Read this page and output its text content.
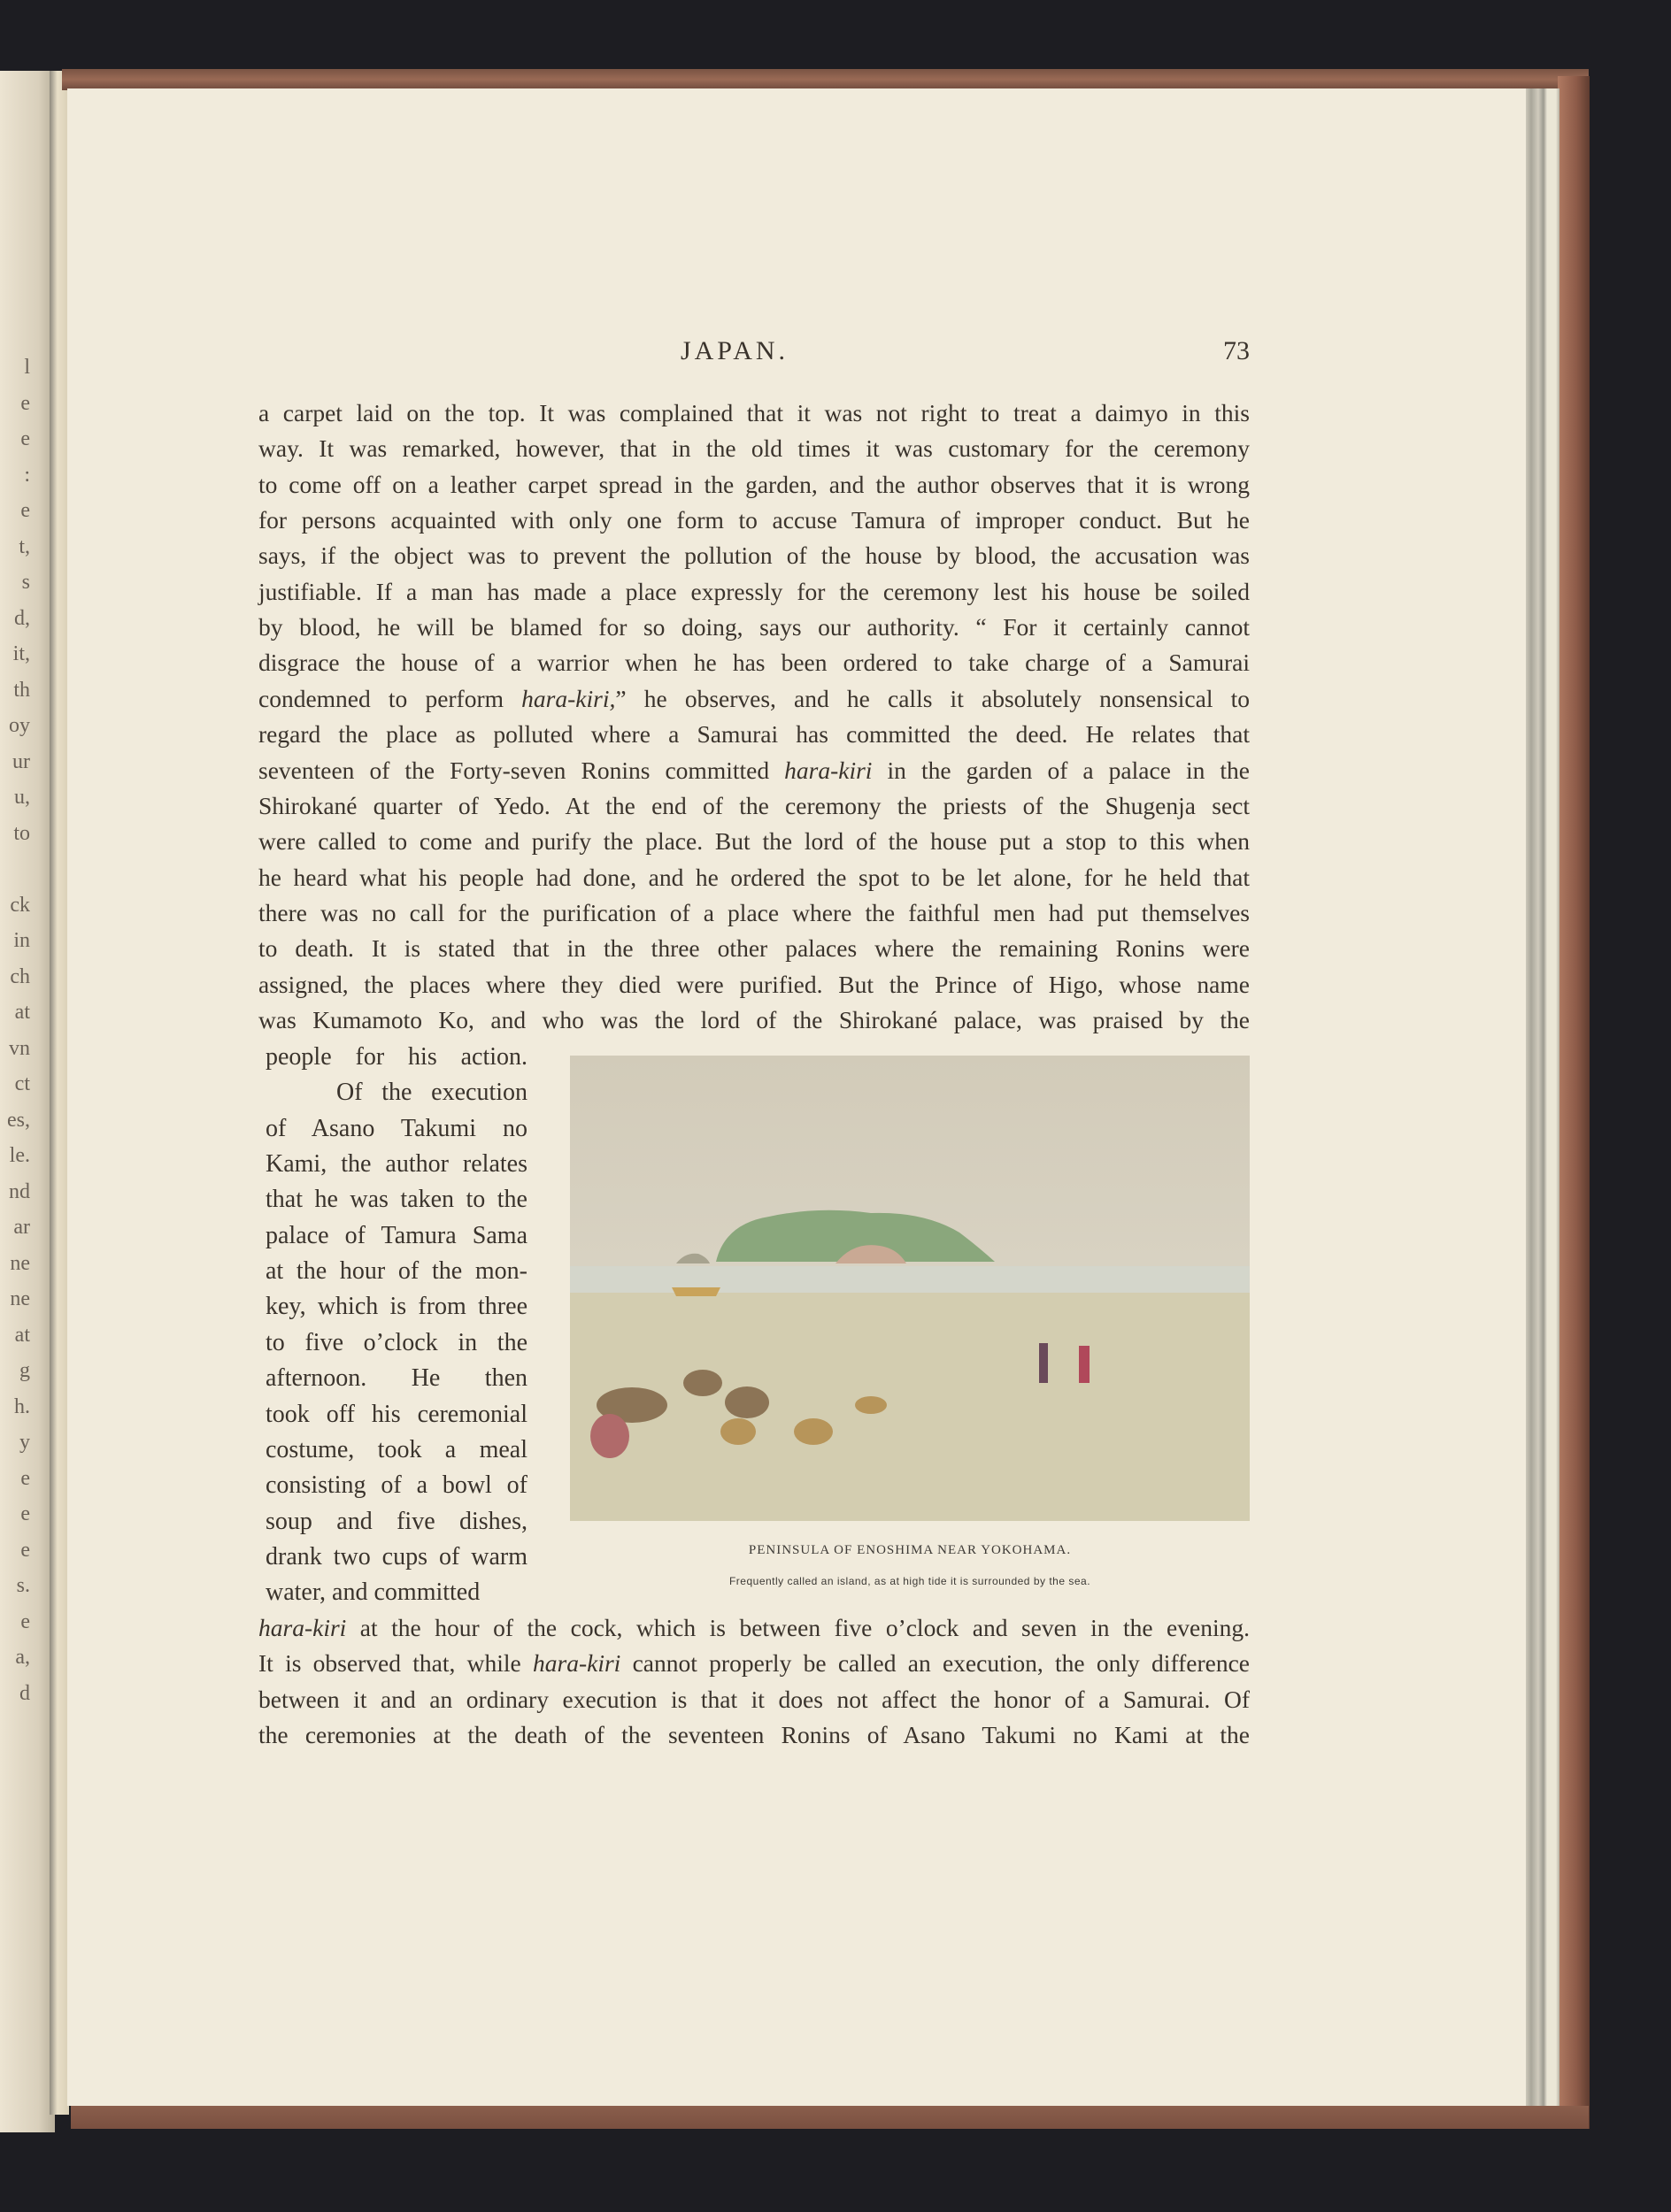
l
e
e
:
e
t,
s
d,
it,
th
oy
ur
u,
to
ck
in
ch
at
vn
ct
es,
le.
nd
ar
ne
ne
at
g
h.
y
e
e
e
s.
e
a,
d
JAPAN.	73
a carpet laid on the top. It was complained that it was not right to treat a daimyo in this
way. It was remarked, however, that in the old times it was customary for the ceremony
to come off on a leather carpet spread in the garden, and the author observes that it is wrong
for persons acquainted with only one form to accuse Tamura of improper conduct. But he
says, if the object was to prevent the pollution of the house by blood, the accusation was
justifiable. If a man has made a place expressly for the ceremony lest his house be soiled
by blood, he will be blamed for so doing, says our authority. “ For it certainly cannot
disgrace the house of a warrior when he has been ordered to take charge of a Samurai
condemned to perform hara-kiri,” he observes, and he calls it absolutely nonsensical to
regard the place as polluted where a Samurai has committed the deed. He relates that
seventeen of the Forty-seven Ronins committed hara-kiri in the garden of a palace in the
Shirokané quarter of Yedo. At the end of the ceremony the priests of the Shugenja sect
were called to come and purify the place. But the lord of the house put a stop to this when
he heard what his people had done, and he ordered the spot to be let alone, for he held that
there was no call for the purification of a place where the faithful men had put themselves
to death. It is stated that in the three other palaces where the remaining Ronins were
assigned, the places where they died were purified. But the Prince of Higo, whose name
was Kumamoto Ko, and who was the lord of the Shirokané palace, was praised by the
people for his action.
Of the execution
of Asano Takumi no
Kami, the author relates
that he was taken to the
palace of Tamura Sama
at the hour of the mon-
key, which is from three
to five o’clock in the
afternoon. He then
took off his ceremonial
costume, took a meal
consisting of a bowl of
soup and five dishes,
drank two cups of warm
water, and committed
hara-kiri at the hour of the cock, which is between five o’clock and seven in the evening.
It is observed that, while hara-kiri cannot properly be called an execution, the only difference
between it and an ordinary execution is that it does not affect the honor of a Samurai. Of
the ceremonies at the death of the seventeen Ronins of Asano Takumi no Kami at the
PENINSULA OF ENOSHIMA NEAR YOKOHAMA.
Frequently called an island, as at high tide it is surrounded by the sea.
